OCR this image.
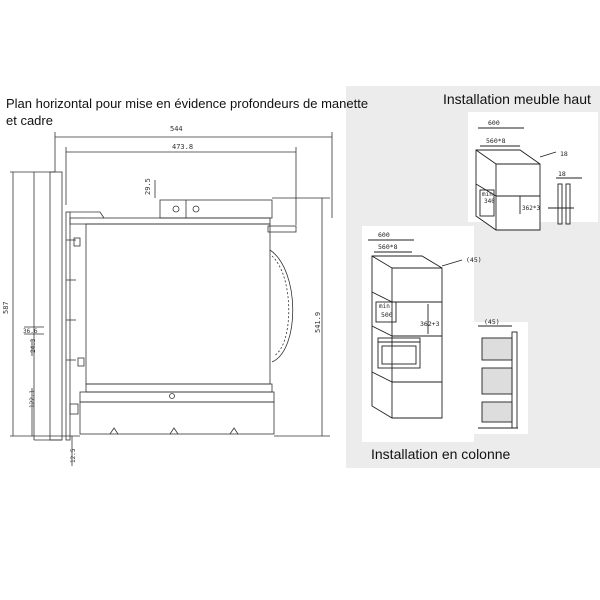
Plan horizontal pour mise en évidence profondeurs de manette et cadre
Installation meuble haut
Installation en colonne
544
473.8
29.5
587
36.6
24.3
122.1
12.5
541.9
600
560*8
min
340
362*3
18
18
600
560*8
min
500
362+3
(45)
(45)
